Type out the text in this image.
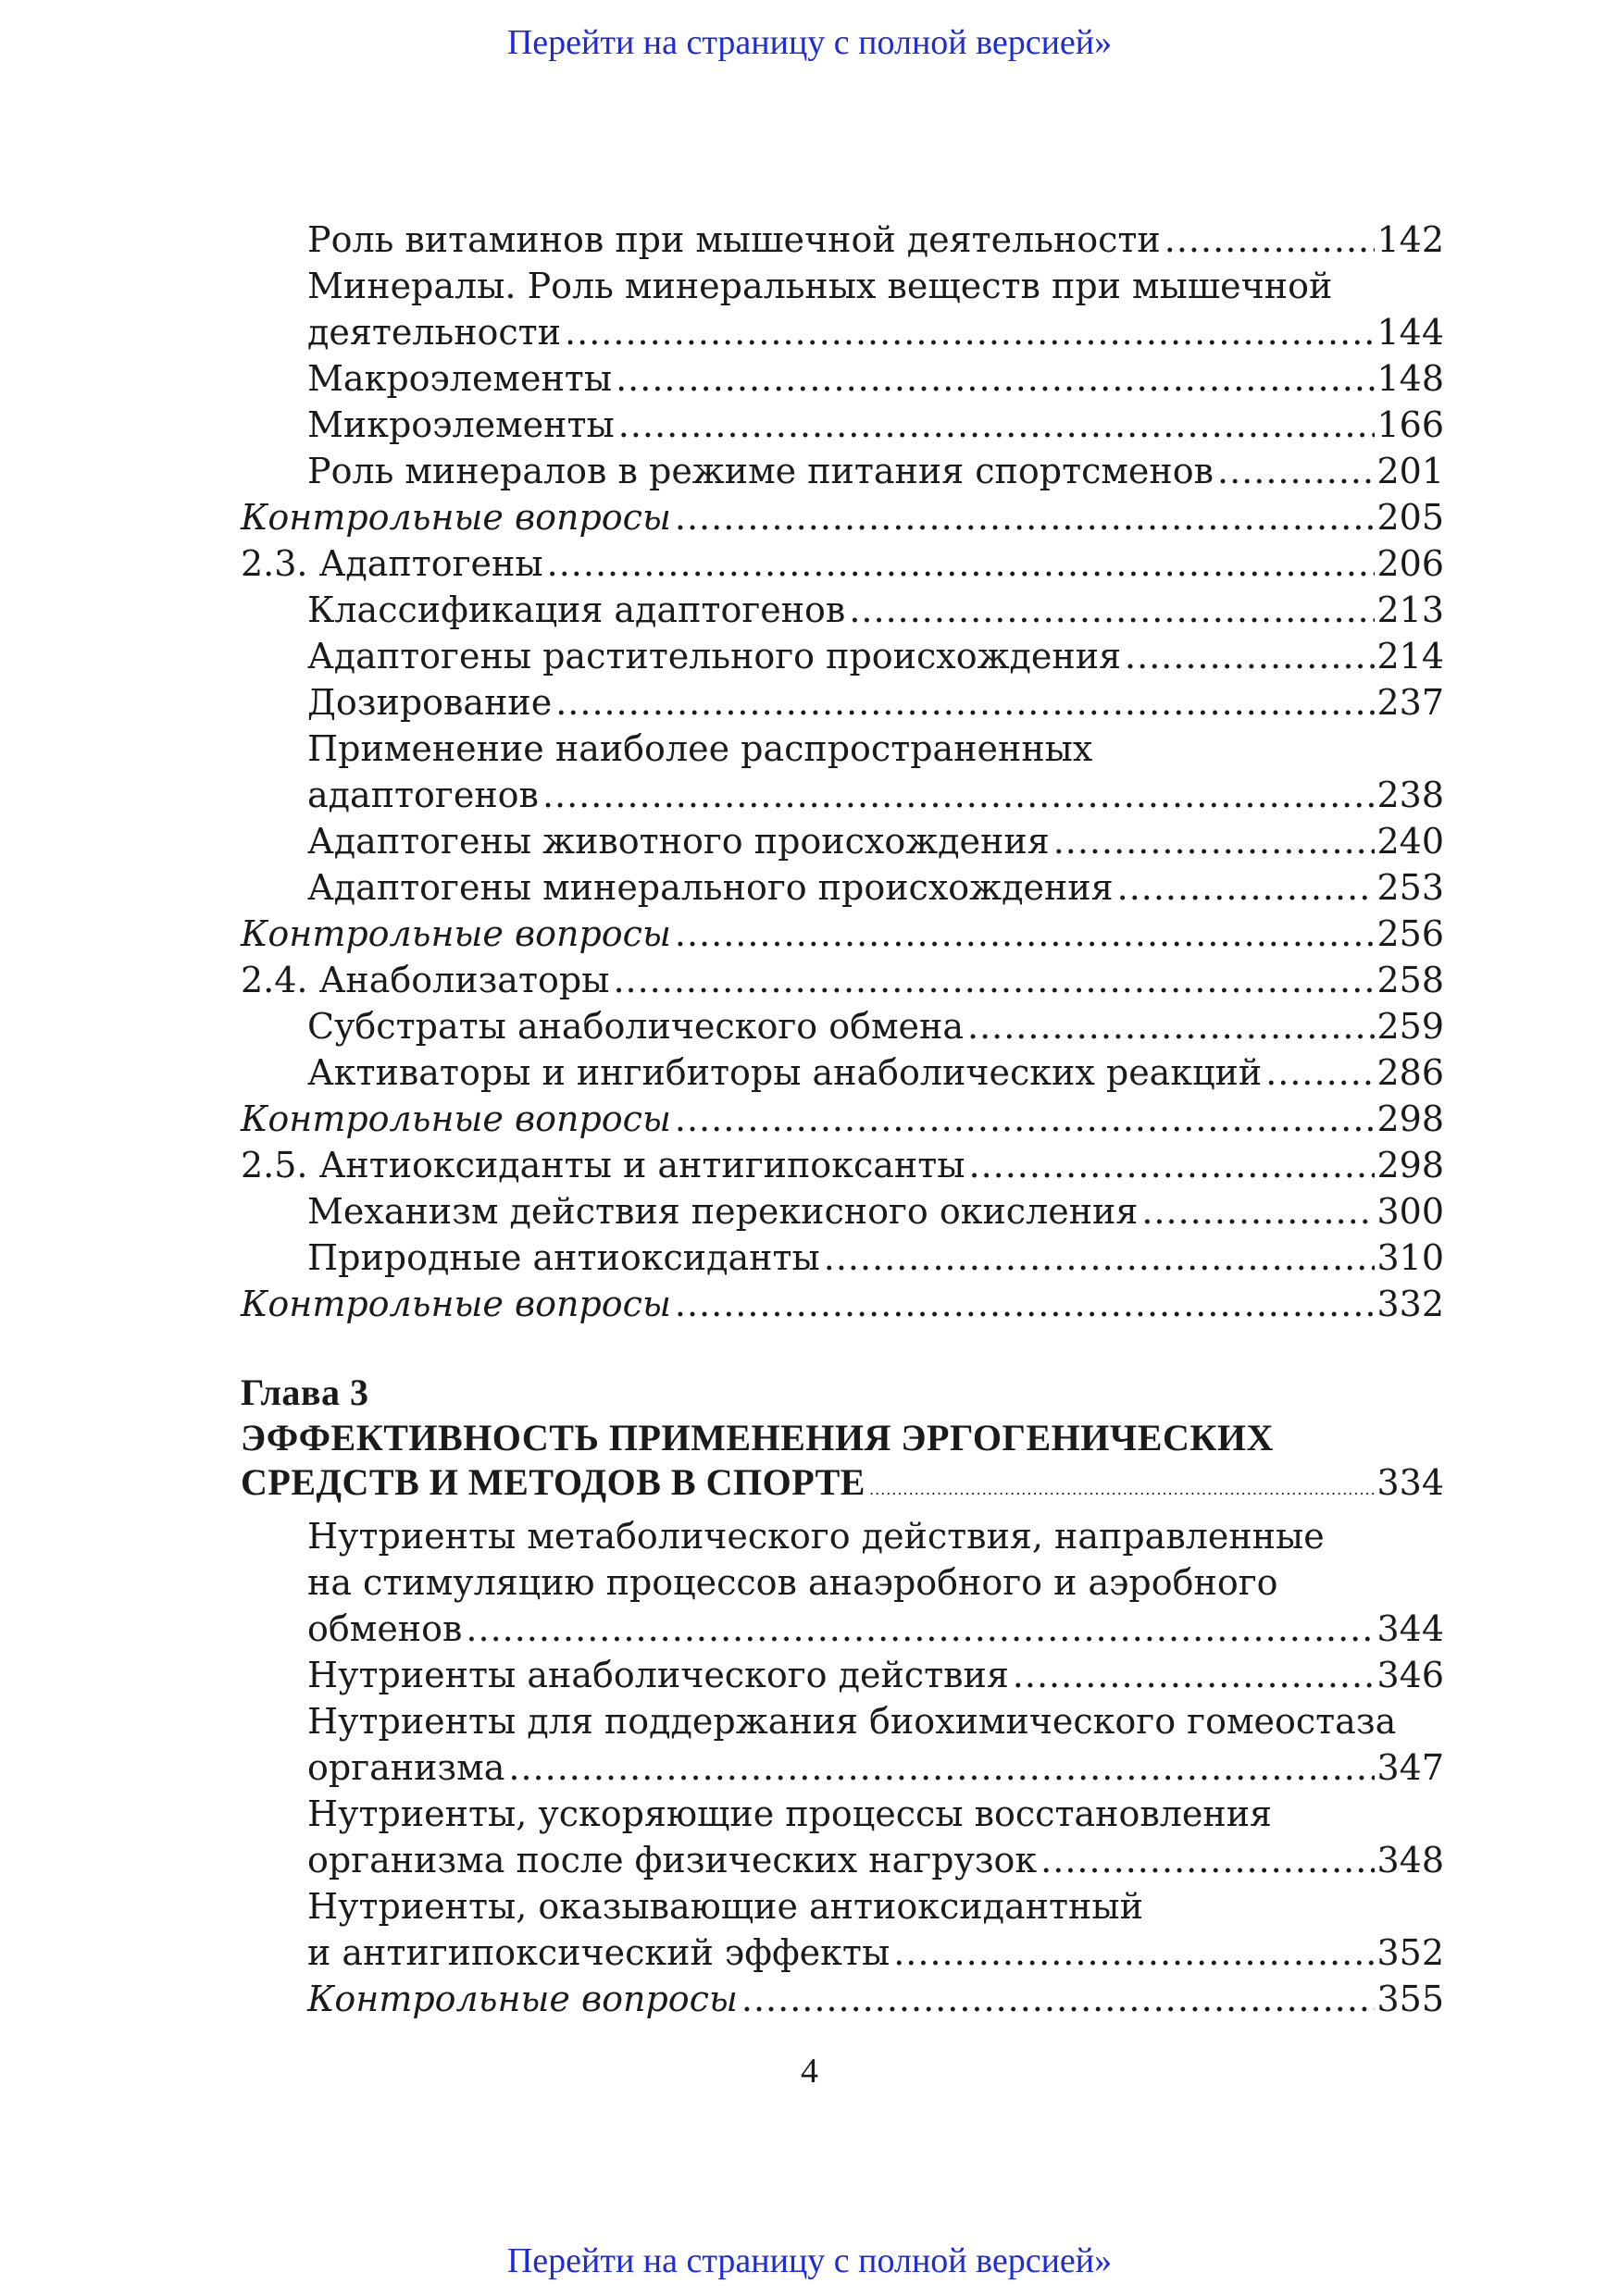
Перейти на страницу с полной версией»
Роль витаминов при мышечной деятельности .....	142
Минералы. Роль минеральных веществ при мышечной
деятельности .....	144
Макроэлементы .....	148
Микроэлементы .....	166
Роль минералов в режиме питания спортсменов .....	201
Контрольные вопросы .....	205
2.3. Адаптогены .....	206
Классификация адаптогенов .....	213
Адаптогены растительного происхождения .....	214
Дозирование .....	237
Применение наиболее распространенных
адаптогенов .....	238
Адаптогены животного происхождения .....	240
Адаптогены минерального происхождения .....	253
Контрольные вопросы .....	256
2.4. Анаболизаторы .....	258
Субстраты анаболического обмена .....	259
Активаторы и ингибиторы анаболических реакций .....	286
Контрольные вопросы .....	298
2.5. Антиоксиданты и антигипоксанты .....	298
Механизм действия перекисного окисления .....	300
Природные антиоксиданты .....	310
Контрольные вопросы .....	332
Глава 3
ЭФФЕКТИВНОСТЬ ПРИМЕНЕНИЯ ЭРГОГЕНИЧЕСКИХ
СРЕДСТВ И МЕТОДОВ В СПОРТЕ .....	334
Нутриенты метаболического действия, направленные
на стимуляцию процессов анаэробного и аэробного
обменов .....	344
Нутриенты анаболического действия .....	346
Нутриенты для поддержания биохимического гомеостаза
организма .....	347
Нутриенты, ускоряющие процессы восстановления
организма после физических нагрузок .....	348
Нутриенты, оказывающие антиоксидантный
и антигипоксический эффекты .....	352
Контрольные вопросы .....	355
4
Перейти на страницу с полной версией»
